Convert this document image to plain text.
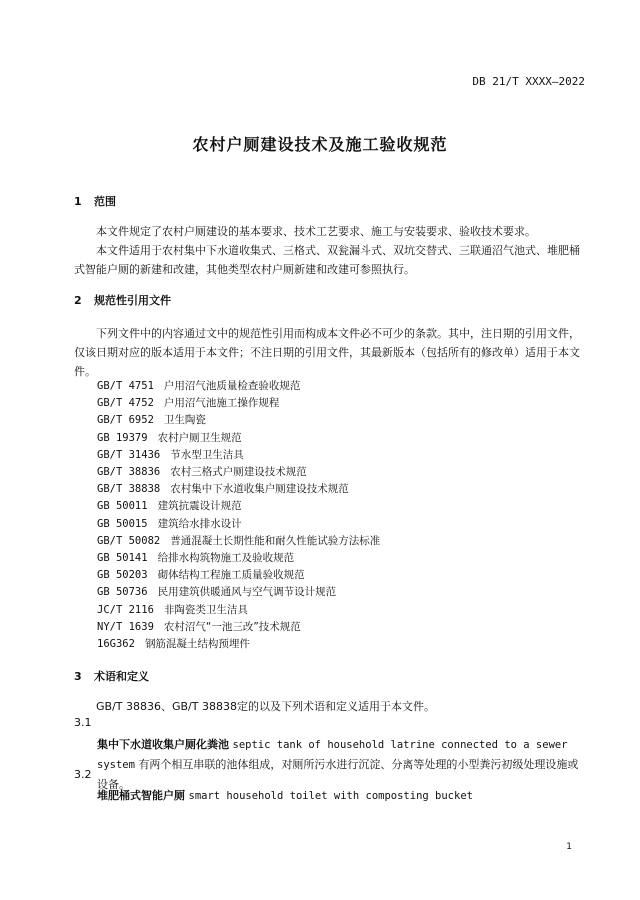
DB 21/T XXXX—2022
农村户厕建设技术及施工验收规范
1 范围
本文件规定了农村户厕建设的基本要求、技术工艺要求、施工与安装要求、验收技术要求。
本文件适用于农村集中下水道收集式、三格式、双瓮漏斗式、双坑交替式、三联通沼气池式、堆肥桶式智能户厕的新建和改建，其他类型农村户厕新建和改建可参照执行。
2 规范性引用文件
下列文件中的内容通过文中的规范性引用而构成本文件必不可少的条款。其中，注日期的引用文件，仅该日期对应的版本适用于本文件；不注日期的引用文件，其最新版本（包括所有的修改单）适用于本文件。
GB/T 4751 户用沼气池质量检查验收规范
GB/T 4752 户用沼气池施工操作规程
GB/T 6952 卫生陶瓷
GB 19379 农村户厕卫生规范
GB/T 31436 节水型卫生洁具
GB/T 38836 农村三格式户厕建设技术规范
GB/T 38838 农村集中下水道收集户厕建设技术规范
GB 50011 建筑抗震设计规范
GB 50015 建筑给水排水设计
GB/T 50082 普通混凝土长期性能和耐久性能试验方法标准
GB 50141 给排水构筑物施工及验收规范
GB 50203 砌体结构工程施工质量验收规范
GB 50736 民用建筑供暖通风与空气调节设计规范
JC/T 2116 非陶瓷类卫生洁具
NY/T 1639 农村沼气“一池三改”技术规范
16G362 钢筋混凝土结构预埋件
3 术语和定义
GB/T 38836、GB/T 38838定的以及下列术语和定义适用于本文件。
3.1
集中下水道收集户厕化粪池 septic tank of household latrine connected to a sewer system 有两个相互串联的池体组成，对厕所污水进行沉淀、分离等处理的小型粪污初级处理设施或设备。
3.2
堆肥桶式智能户厕 smart household toilet with composting bucket
1
